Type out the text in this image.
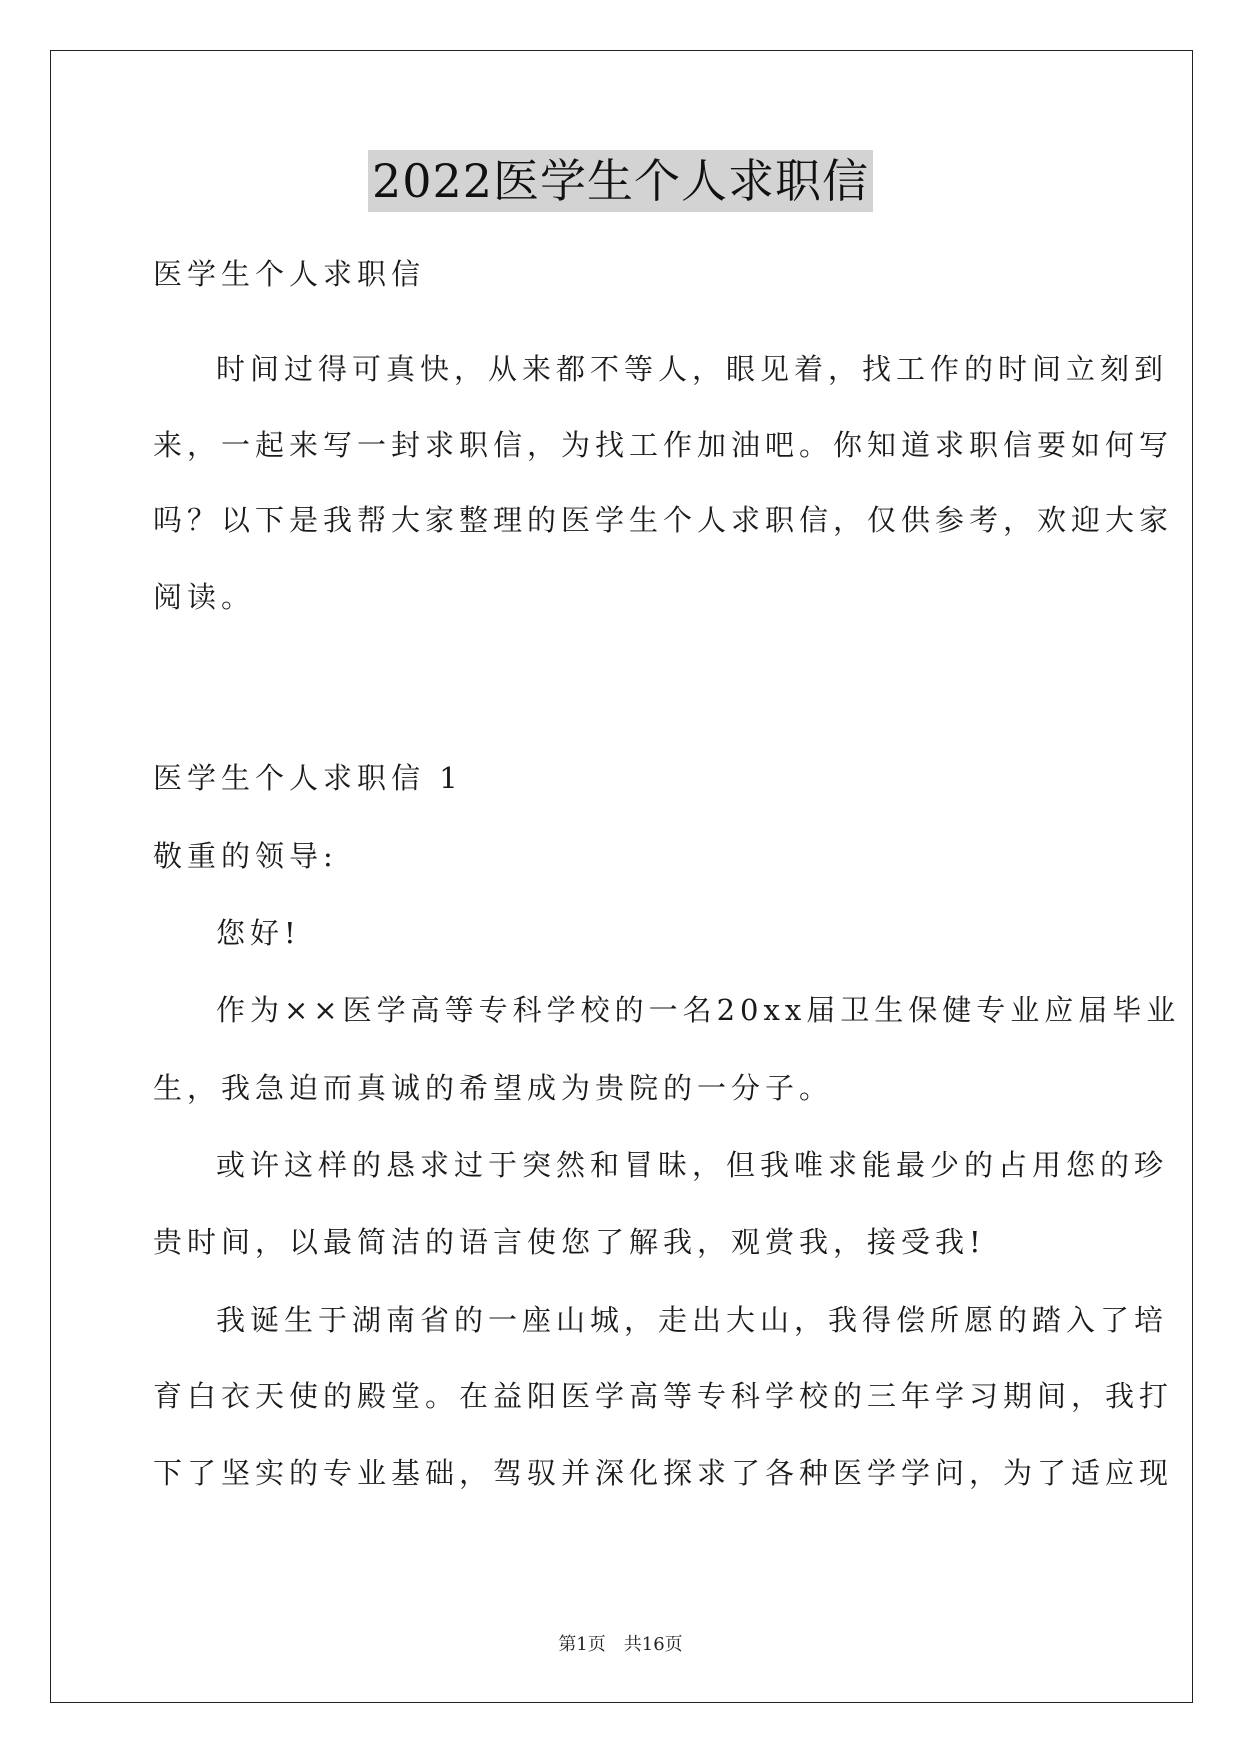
2022医学生个人求职信
医学生个人求职信
时间过得可真快，从来都不等人，眼见着，找工作的时间立刻到
来，一起来写一封求职信，为找工作加油吧。你知道求职信要如何写
吗？以下是我帮大家整理的医学生个人求职信，仅供参考，欢迎大家
阅读。
医学生个人求职信 1
敬重的领导:
您好!
作为××医学高等专科学校的一名20xx届卫生保健专业应届毕业
生，我急迫而真诚的希望成为贵院的一分子。
或许这样的恳求过于突然和冒昧，但我唯求能最少的占用您的珍
贵时间，以最简洁的语言使您了解我，观赏我，接受我!
我诞生于湖南省的一座山城，走出大山，我得偿所愿的踏入了培
育白衣天使的殿堂。在益阳医学高等专科学校的三年学习期间，我打
下了坚实的专业基础，驾驭并深化探求了各种医学学问，为了适应现
第1页 共16页
